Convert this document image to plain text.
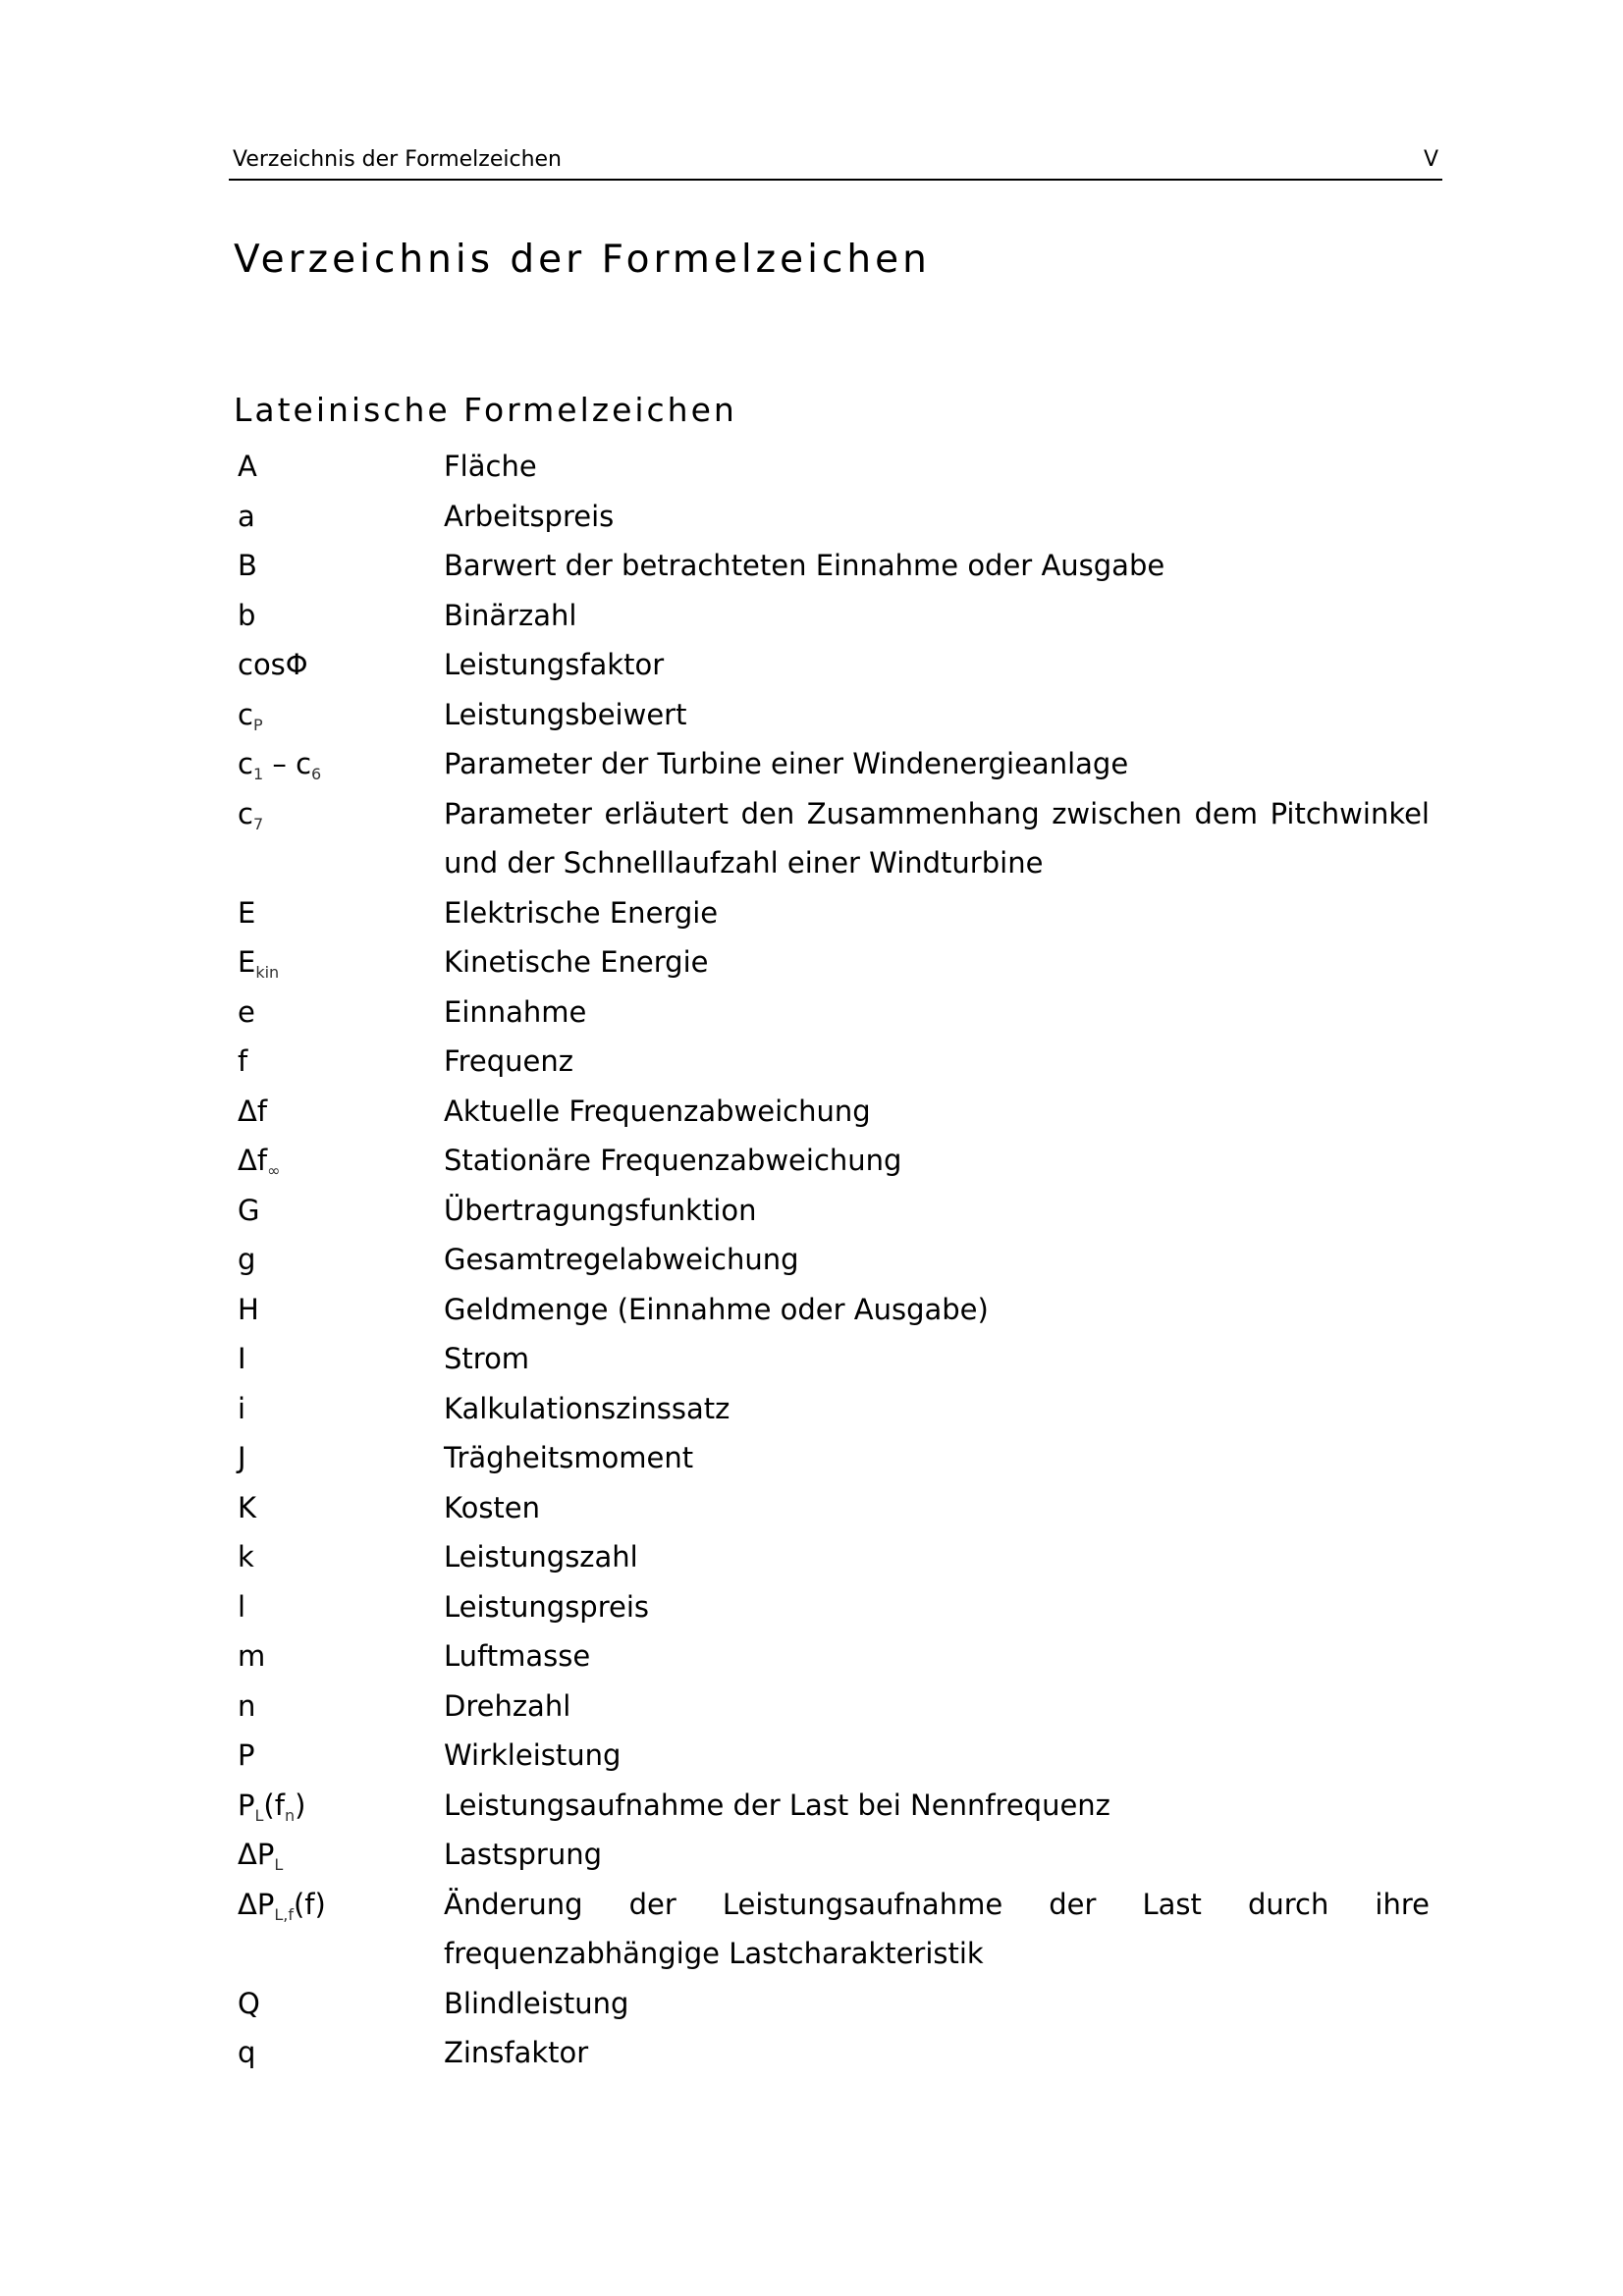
Verzeichnis der Formelzeichen	V
Verzeichnis der Formelzeichen
Lateinische Formelzeichen
A	Fläche
a	Arbeitspreis
B	Barwert der betrachteten Einnahme oder Ausgabe
b	Binärzahl
cosΦ	Leistungsfaktor
$c_P$	Leistungsbeiwert
$c_1 - c_6$	Parameter der Turbine einer Windenergieanlage
$c_7$	Parameter erläutert den Zusammenhang zwischen dem Pitchwinkel und der Schnelllaufzahl einer Windturbine
E	Elektrische Energie
$E_{kin}$	Kinetische Energie
e	Einnahme
f	Frequenz
Δf	Aktuelle Frequenzabweichung
$\Delta f_\infty$	Stationäre Frequenzabweichung
G	Übertragungsfunktion
g	Gesamtregelabweichung
H	Geldmenge (Einnahme oder Ausgabe)
I	Strom
i	Kalkulationszinssatz
J	Trägheitsmoment
K	Kosten
k	Leistungszahl
l	Leistungspreis
m	Luftmasse
n	Drehzahl
P	Wirkleistung
$P_L(f_n)$	Leistungsaufnahme der Last bei Nennfrequenz
$\Delta P_L$	Lastsprung
$\Delta P_{L,f}(f)$	Änderung der Leistungsaufnahme der Last durch ihre frequenzabhängige Lastcharakteristik
Q	Blindleistung
q	Zinsfaktor
